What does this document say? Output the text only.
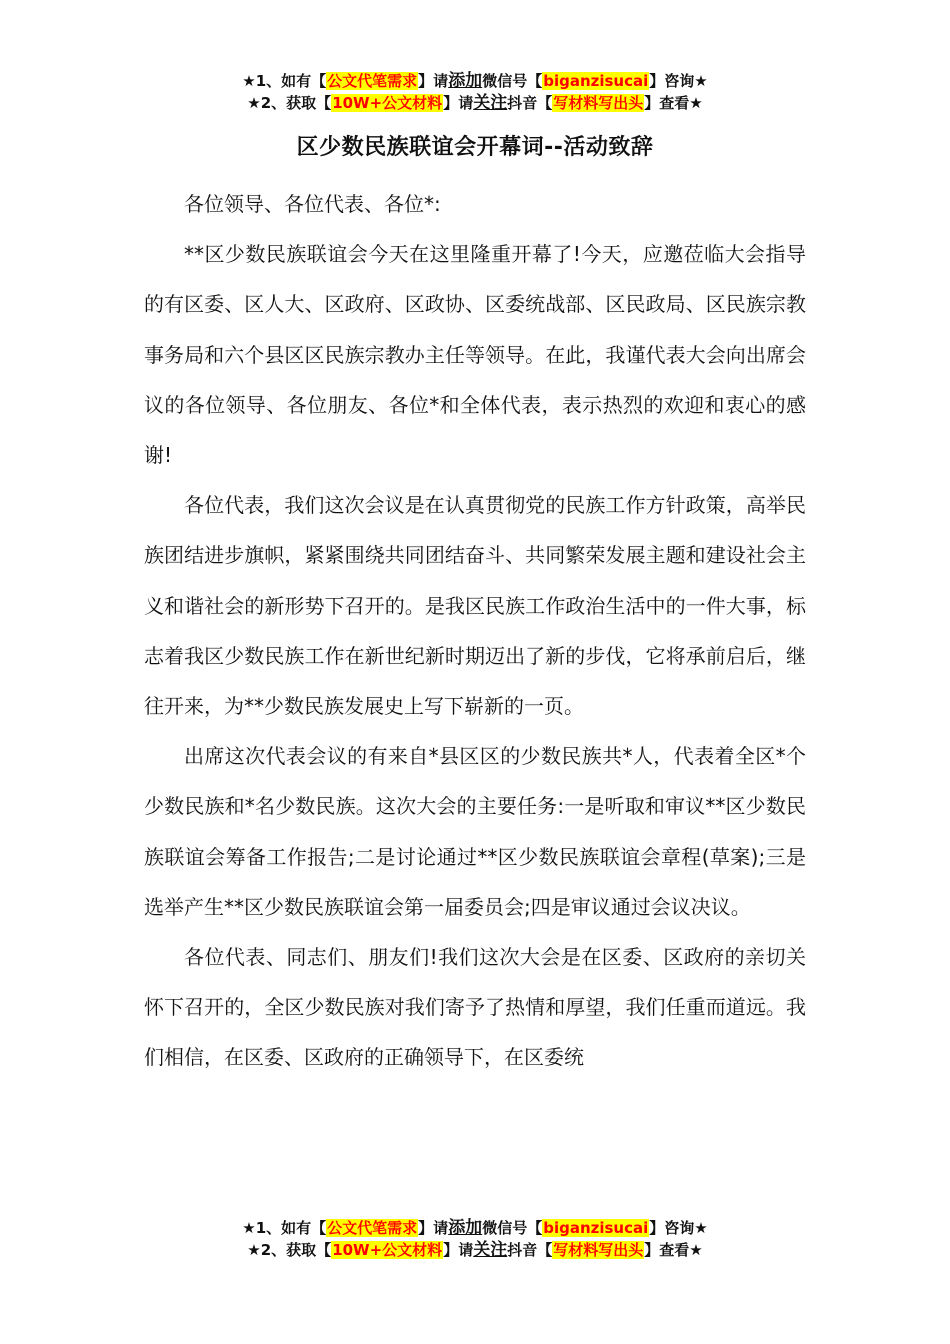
★1、如有【公文代笔需求】请添加微信号【biganzisucai】咨询★
★2、获取【10W+公文材料】请关注抖音【写材料写出头】查看★
区少数民族联谊会开幕词--活动致辞

各位领导、各位代表、各位*:

**区少数民族联谊会今天在这里隆重开幕了!今天，应邀莅临大会指导的有区委、区人大、区政府、区政协、区委统战部、区民政局、区民族宗教事务局和六个县区区民族宗教办主任等领导。在此，我谨代表大会向出席会议的各位领导、各位朋友、各位*和全体代表，表示热烈的欢迎和衷心的感谢!

各位代表，我们这次会议是在认真贯彻党的民族工作方针政策，高举民族团结进步旗帜，紧紧围绕共同团结奋斗、共同繁荣发展主题和建设社会主义和谐社会的新形势下召开的。是我区民族工作政治生活中的一件大事，标志着我区少数民族工作在新世纪新时期迈出了新的步伐，它将承前启后，继往开来，为**少数民族发展史上写下崭新的一页。

出席这次代表会议的有来自*县区区的少数民族共*人，代表着全区*个少数民族和*名少数民族。这次大会的主要任务:一是听取和审议**区少数民族联谊会筹备工作报告;二是讨论通过**区少数民族联谊会章程(草案);三是选举产生**区少数民族联谊会第一届委员会;四是审议通过会议决议。

各位代表、同志们、朋友们!我们这次大会是在区委、区政府的亲切关怀下召开的，全区少数民族对我们寄予了热情和厚望，我们任重而道远。我们相信，在区委、区政府的正确领导下，在区委统

★1、如有【公文代笔需求】请添加微信号【biganzisucai】咨询★
★2、获取【10W+公文材料】请关注抖音【写材料写出头】查看★
